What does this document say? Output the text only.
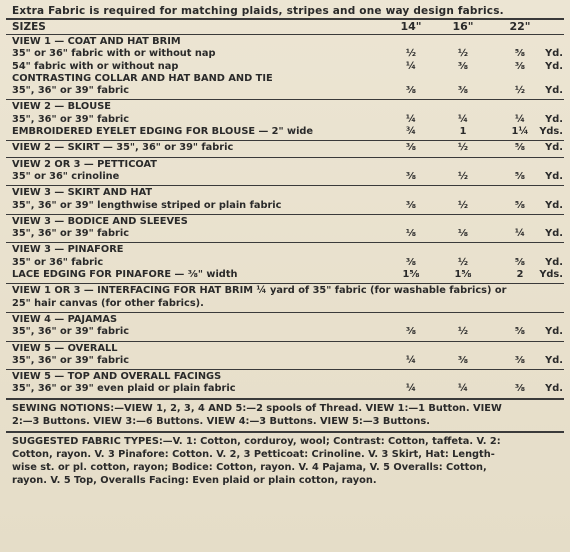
Extra Fabric is required for matching plaids, stripes and one way design fabrics.
SIZES	14"	16"	22"
VIEW 1 — COAT AND HAT BRIM
35" or 36" fabric with or without nap	½	½	⅝	Yd.
54" fabric with or without nap	¼	⅜	⅜	Yd.
CONTRASTING COLLAR AND HAT BAND AND TIE
35", 36" or 39" fabric	⅜	⅜	½	Yd.
VIEW 2 — BLOUSE
35", 36" or 39" fabric	¼	¼	¼	Yd.
EMBROIDERED EYELET EDGING FOR BLOUSE — 2" wide	¾	1	1¼	Yds.
VIEW 2 — SKIRT — 35", 36" or 39" fabric	⅜	½	⅝	Yd.
VIEW 2 OR 3 — PETTICOAT
35" or 36" crinoline	⅜	½	⅝	Yd.
VIEW 3 — SKIRT AND HAT
35", 36" or 39" lengthwise striped or plain fabric	⅜	½	⅝	Yd.
VIEW 3 — BODICE AND SLEEVES
35", 36" or 39" fabric	⅛	⅛	¼	Yd.
VIEW 3 — PINAFORE
35" or 36" fabric	⅜	½	⅝	Yd.
LACE EDGING FOR PINAFORE — ⅜" width	1⅝	1⅝	2	Yds.
VIEW 1 OR 3 — INTERFACING FOR HAT BRIM ¼ yard of 35" fabric (for washable fabrics) or
25" hair canvas (for other fabrics).
VIEW 4 — PAJAMAS
35", 36" or 39" fabric	⅜	½	⅝	Yd.
VIEW 5 — OVERALL
35", 36" or 39" fabric	¼	⅜	⅜	Yd.
VIEW 5 — TOP AND OVERALL FACINGS
35", 36" or 39" even plaid or plain fabric	¼	¼	⅜	Yd.
SEWING NOTIONS:—VIEW 1, 2, 3, 4 AND 5:—2 spools of Thread. VIEW 1:—1 Button. VIEW
2:—3 Buttons. VIEW 3:—6 Buttons. VIEW 4:—3 Buttons. VIEW 5:—3 Buttons.
SUGGESTED FABRIC TYPES:—V. 1: Cotton, corduroy, wool; Contrast: Cotton, taffeta. V. 2:
Cotton, rayon. V. 3 Pinafore: Cotton. V. 2, 3 Petticoat: Crinoline. V. 3 Skirt, Hat: Length-
wise st. or pl. cotton, rayon; Bodice: Cotton, rayon. V. 4 Pajama, V. 5 Overalls: Cotton,
rayon. V. 5 Top, Overalls Facing: Even plaid or plain cotton, rayon.
